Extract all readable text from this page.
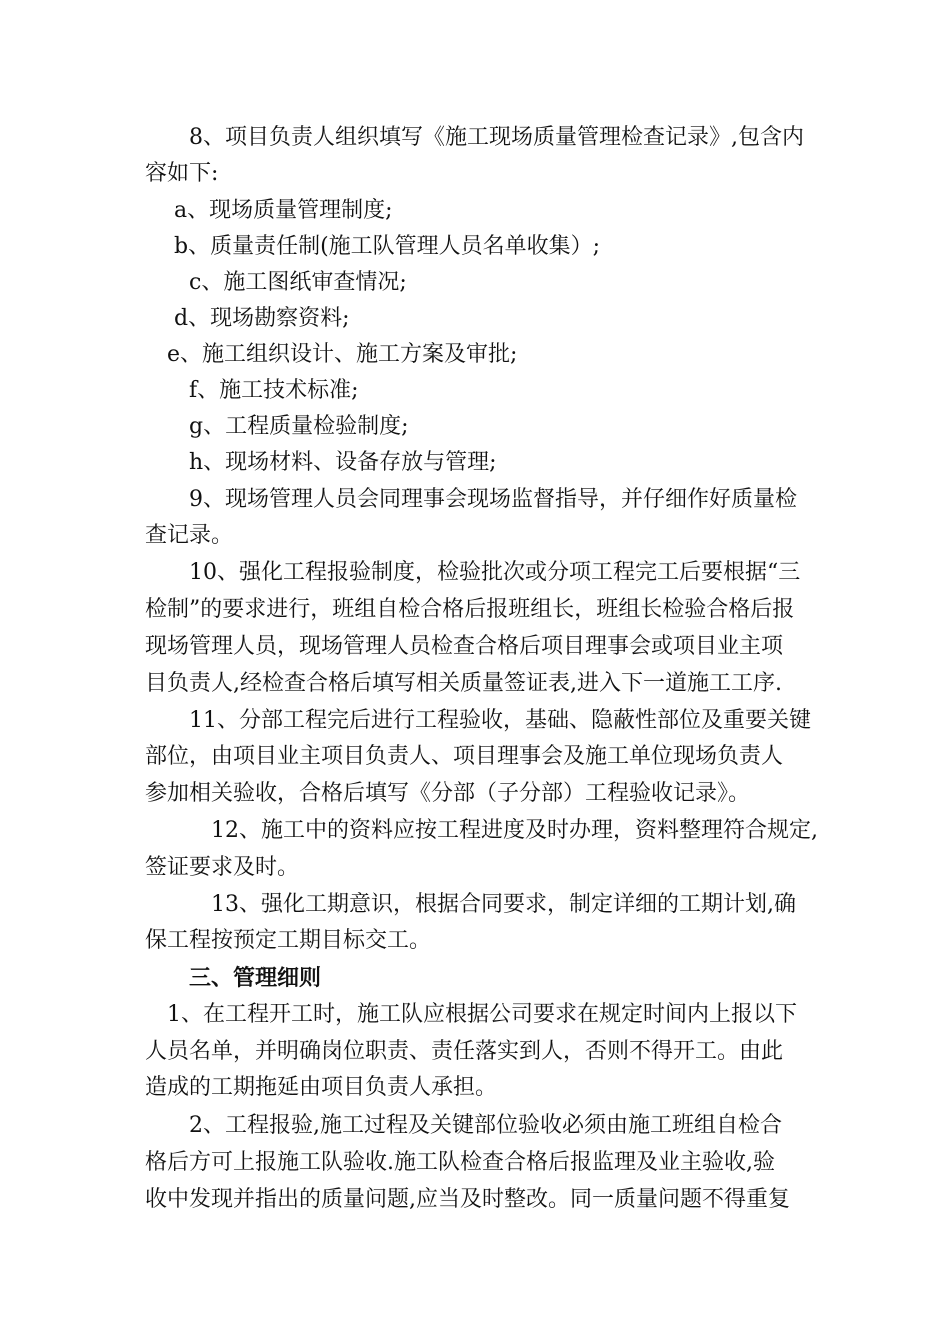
　　8、项目负责人组织填写《施工现场质量管理检查记录》,包含内
容如下:
　 a、现场质量管理制度;
　 b、质量责任制(施工队管理人员名单收集）;
　　c、施工图纸审查情况;
　 d、现场勘察资料;
　e、施工组织设计、施工方案及审批;
　　f、施工技术标准;
　　g、工程质量检验制度;
　　h、现场材料、设备存放与管理;
　　9、现场管理人员会同理事会现场监督指导，并仔细作好质量检
查记录。
　　10、强化工程报验制度，检验批次或分项工程完工后要根据“三
检制”的要求进行，班组自检合格后报班组长，班组长检验合格后报
现场管理人员，现场管理人员检查合格后项目理事会或项目业主项
目负责人,经检查合格后填写相关质量签证表,进入下一道施工工序.
　　11、分部工程完后进行工程验收，基础、隐蔽性部位及重要关键
部位，由项目业主项目负责人、项目理事会及施工单位现场负责人
参加相关验收，合格后填写《分部（子分部）工程验收记录》。
　　　12、施工中的资料应按工程进度及时办理，资料整理符合规定,
签证要求及时。
　　　13、强化工期意识，根据合同要求，制定详细的工期计划,确
保工程按预定工期目标交工。
　　三、管理细则
　1、在工程开工时，施工队应根据公司要求在规定时间内上报以下
人员名单，并明确岗位职责、责任落实到人，否则不得开工。由此
造成的工期拖延由项目负责人承担。
　　2、工程报验,施工过程及关键部位验收必须由施工班组自检合
格后方可上报施工队验收.施工队检查合格后报监理及业主验收,验
收中发现并指出的质量问题,应当及时整改。同一质量问题不得重复
